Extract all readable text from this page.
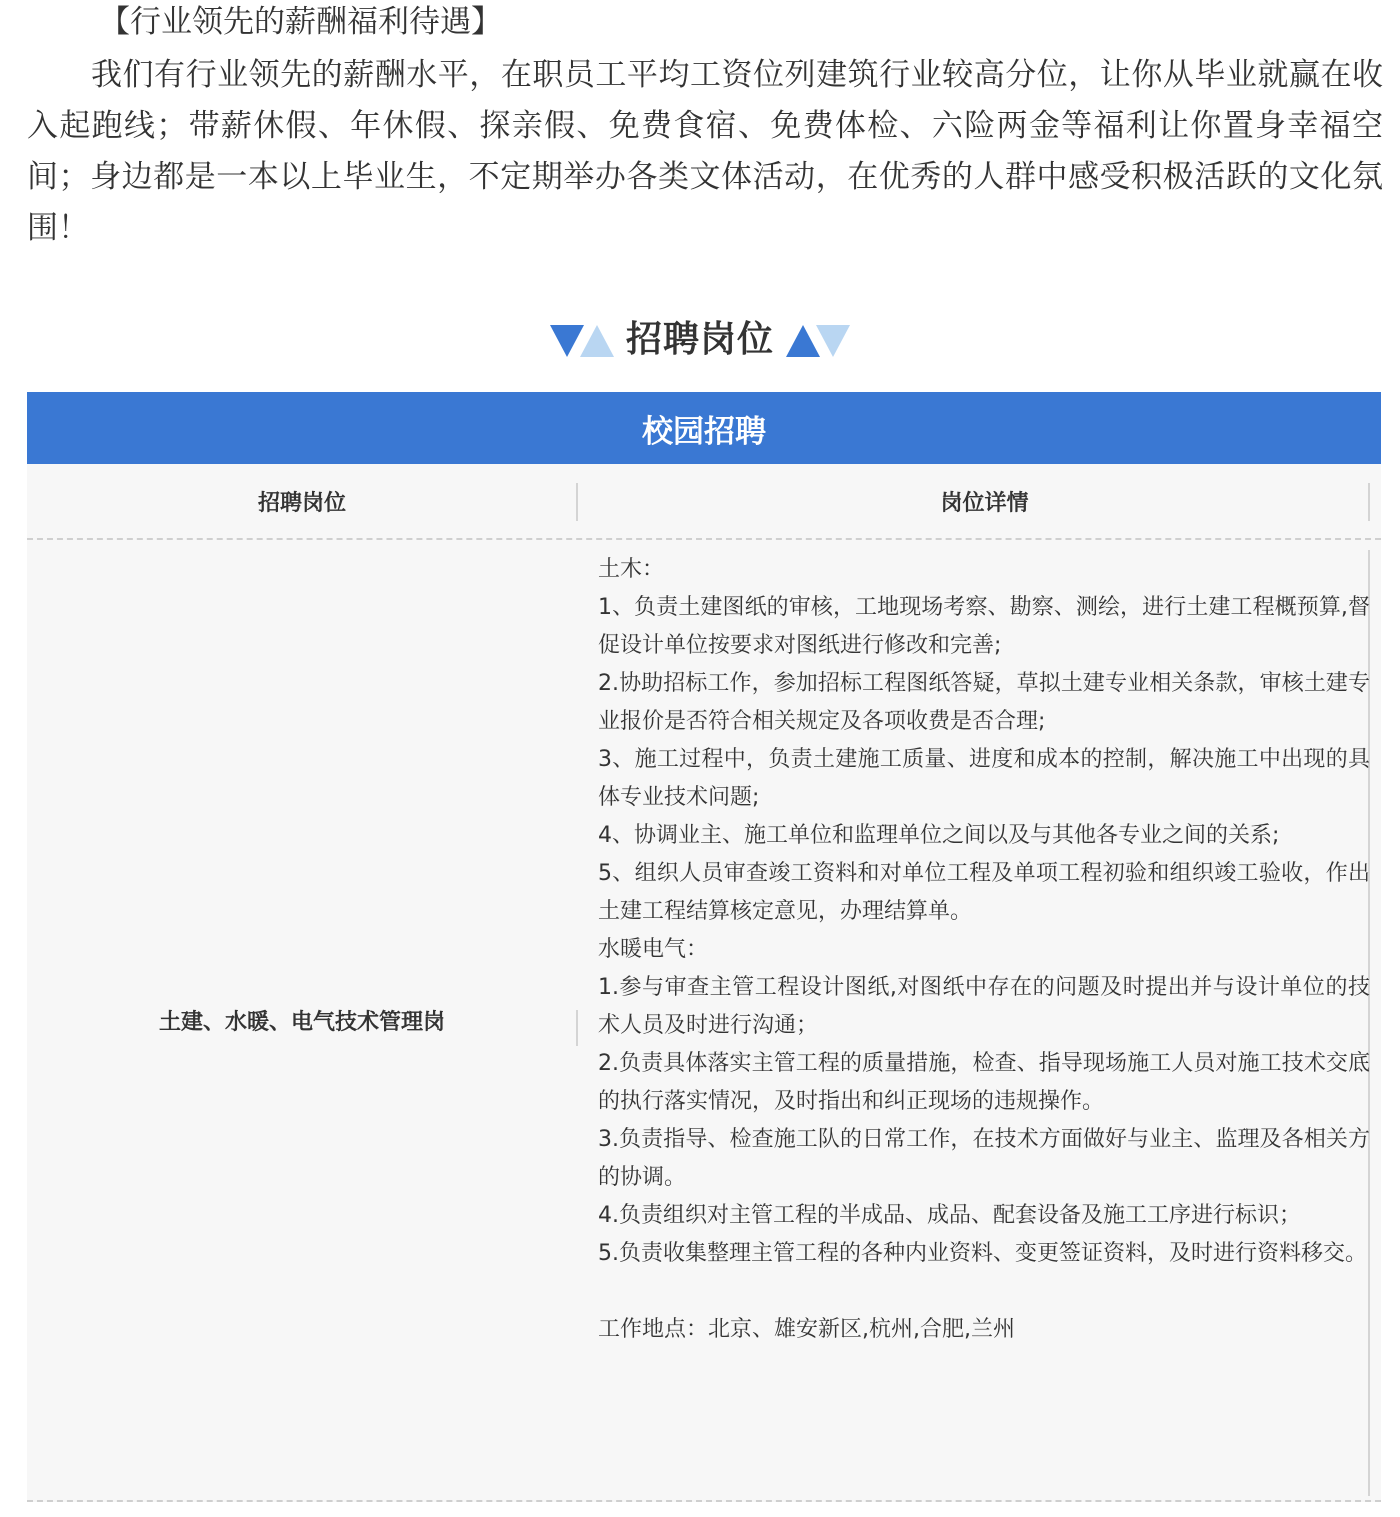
【行业领先的薪酬福利待遇】

我们有行业领先的薪酬水平，在职员工平均工资位列建筑行业较高分位，让你从毕业就赢在收入起跑线；带薪休假、年休假、探亲假、免费食宿、免费体检、六险两金等福利让你置身幸福空间；身边都是一本以上毕业生，不定期举办各类文体活动，在优秀的人群中感受积极活跃的文化氛围！

招聘岗位
校园招聘
招聘岗位	岗位详情
土建、水暖、电气技术管理岗
土木：
1、负责土建图纸的审核，工地现场考察、勘察、测绘，进行土建工程概预算,督促设计单位按要求对图纸进行修改和完善;
2.协助招标工作，参加招标工程图纸答疑，草拟土建专业相关条款，审核土建专业报价是否符合相关规定及各项收费是否合理;
3、施工过程中，负责土建施工质量、进度和成本的控制，解决施工中出现的具体专业技术问题;
4、协调业主、施工单位和监理单位之间以及与其他各专业之间的关系;
5、组织人员审查竣工资料和对单位工程及单项工程初验和组织竣工验收，作出土建工程结算核定意见，办理结算单。
水暖电气：
1.参与审查主管工程设计图纸,对图纸中存在的问题及时提出并与设计单位的技术人员及时进行沟通；
2.负责具体落实主管工程的质量措施，检查、指导现场施工人员对施工技术交底的执行落实情况，及时指出和纠正现场的违规操作。
3.负责指导、检查施工队的日常工作，在技术方面做好与业主、监理及各相关方的协调。
4.负责组织对主管工程的半成品、成品、配套设备及施工工序进行标识；
5.负责收集整理主管工程的各种内业资料、变更签证资料，及时进行资料移交。
工作地点：北京、雄安新区,杭州,合肥,兰州
